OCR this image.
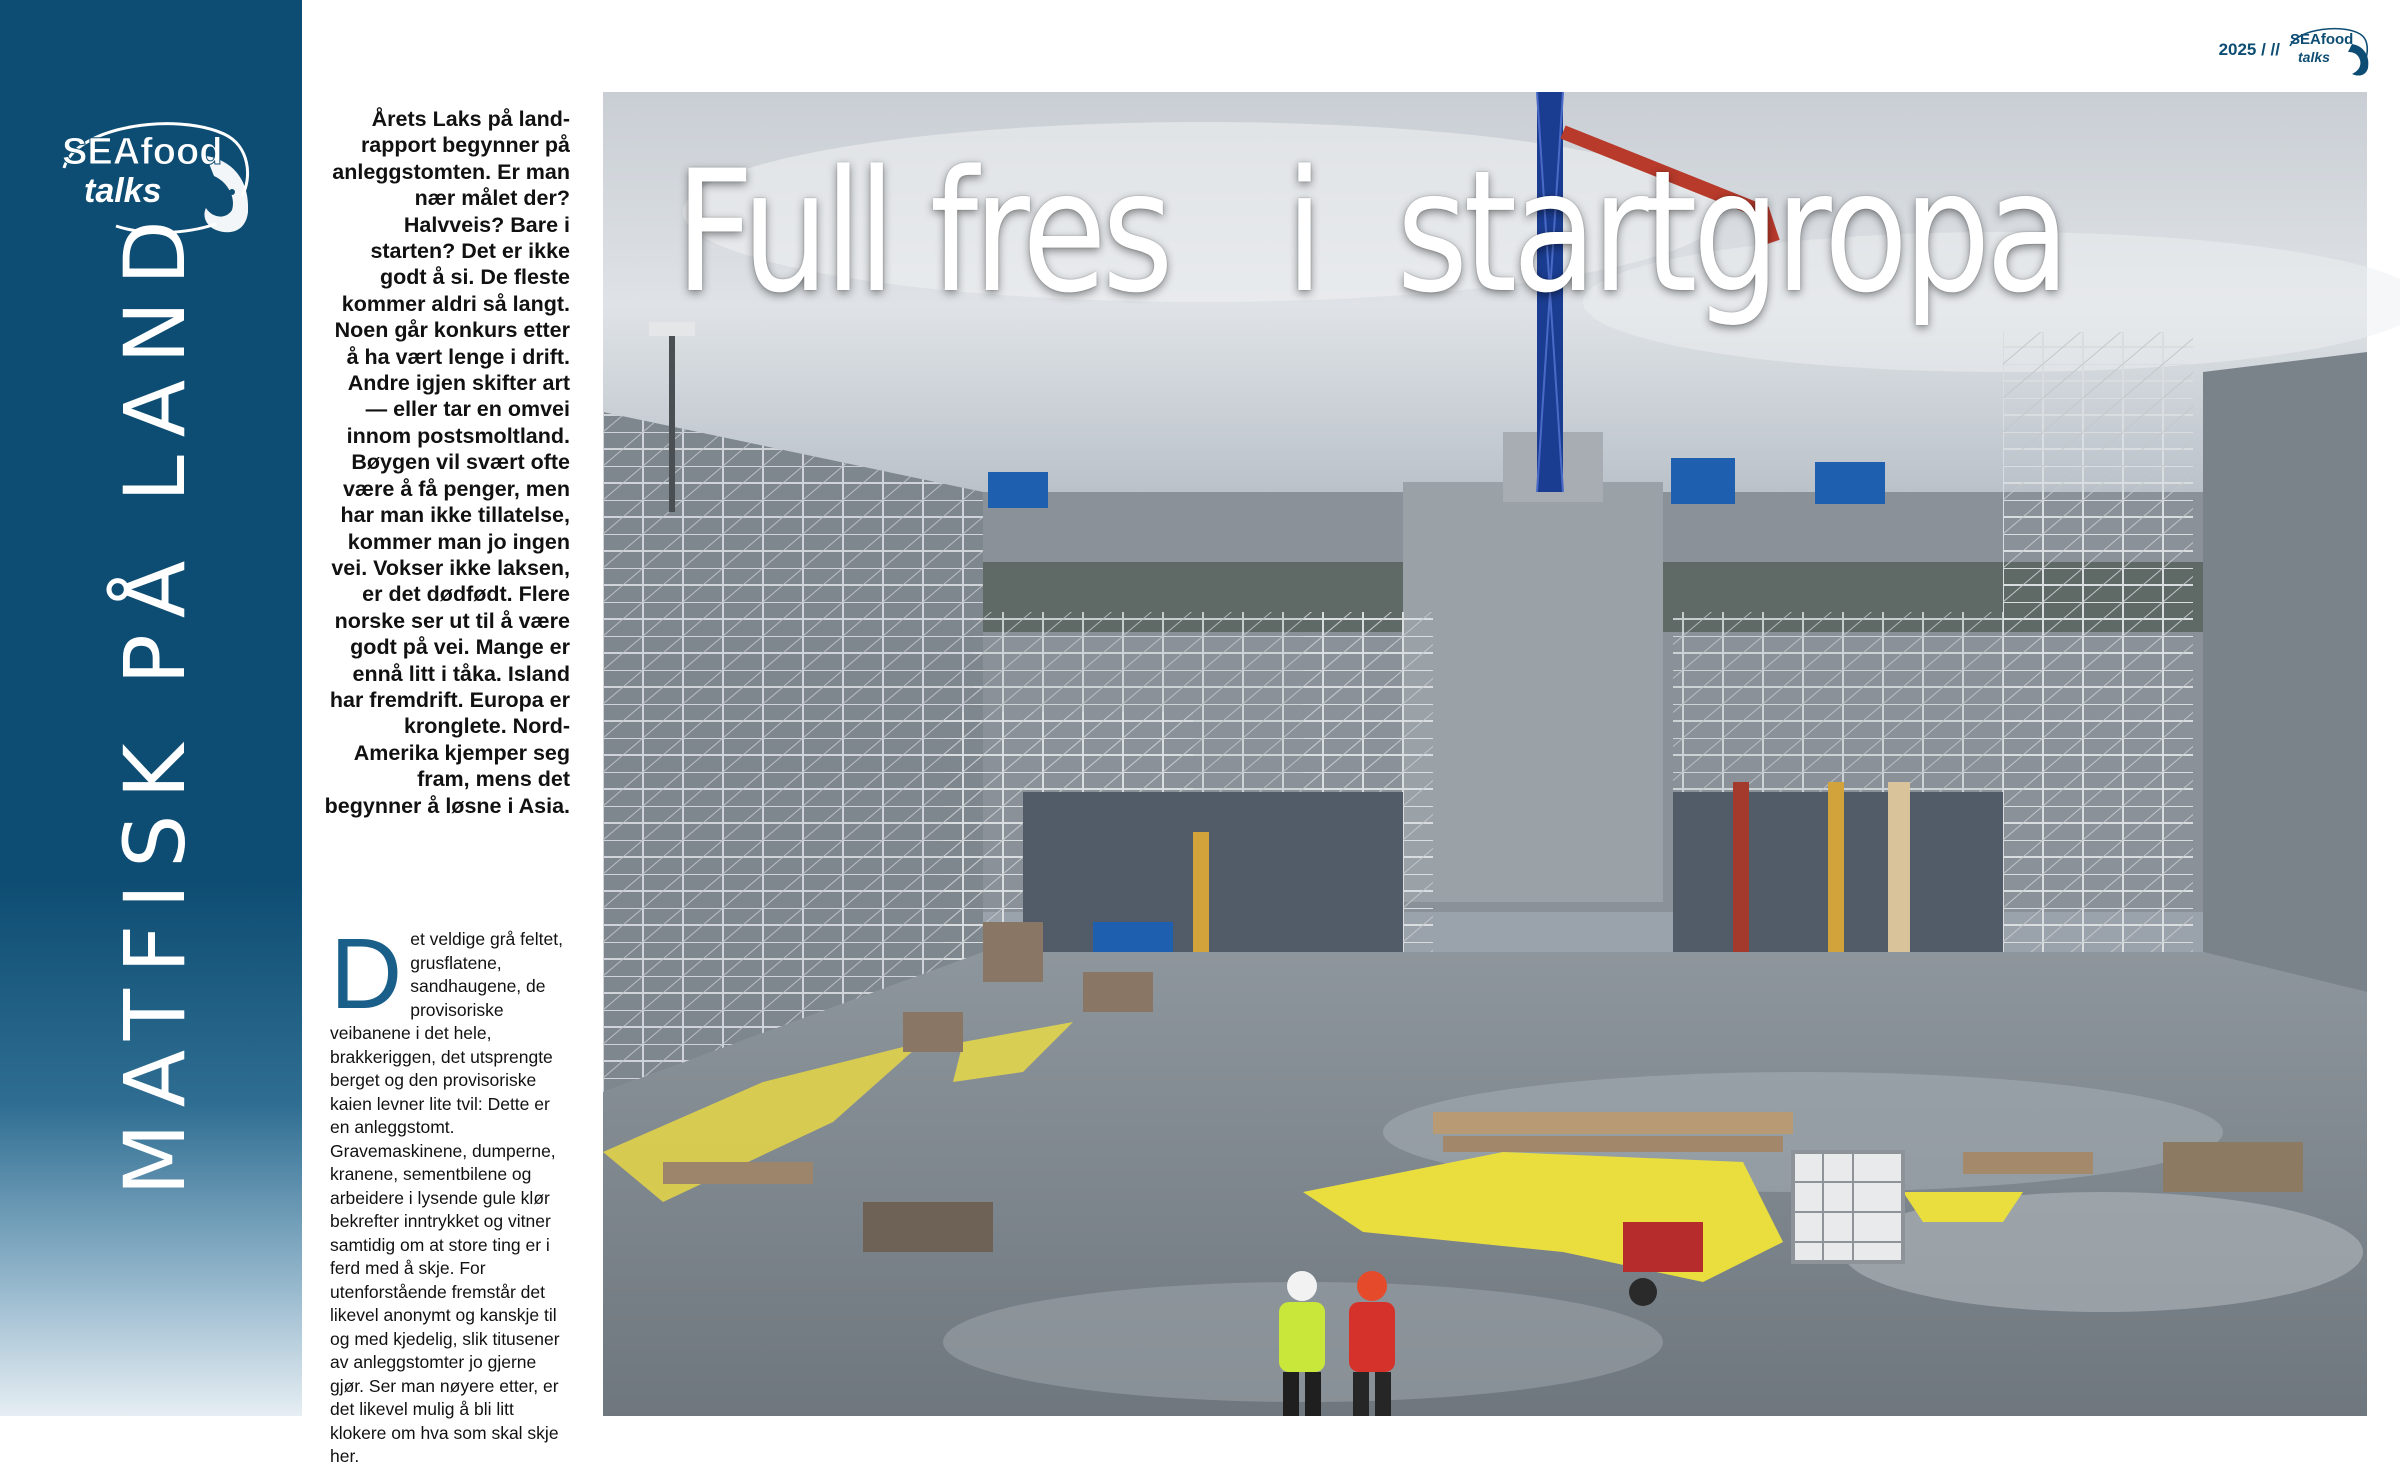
SEAfood
talks
MATFISK PÅ LAND
2025 / //
SEAfood
talks
Årets Laks på land-rapport begynner på anleggstomten. Er man nær målet der? Halvveis? Bare i starten? Det er ikke godt å si. De fleste kommer aldri så langt. Noen går konkurs etter å ha vært lenge i drift. Andre igjen skifter art — eller tar en omvei innom postsmoltland. Bøygen vil svært ofte være å få penger, men har man ikke tillatelse, kommer man jo ingen vei. Vokser ikke laksen, er det dødfødt. Flere norske ser ut til å være godt på vei. Mange er ennå litt i tåka. Island har fremdrift. Europa er kronglete. Nord-Amerika kjemper seg fram, mens det begynner å løsne i Asia.
D et veldige grå feltet, grusflatene, sandhaugene, de provisoriske veibanene i det hele, brakkeriggen, det utsprengte berget og den provisoriske kaien levner lite tvil: Dette er en anleggstomt. Gravemaskinene, dumperne, kranene, sementbilene og arbeidere i lysende gule klør bekrefter inntrykket og vitner samtidig om at store ting er i ferd med å skje. For utenforstående fremstår det likevel anonymt og kanskje til og med kjedelig, slik titusener av anleggstomter jo gjerne gjør. Ser man nøyere etter, er det likevel mulig å bli litt klokere om hva som skal skje her.
Full fres   i  startgropa
